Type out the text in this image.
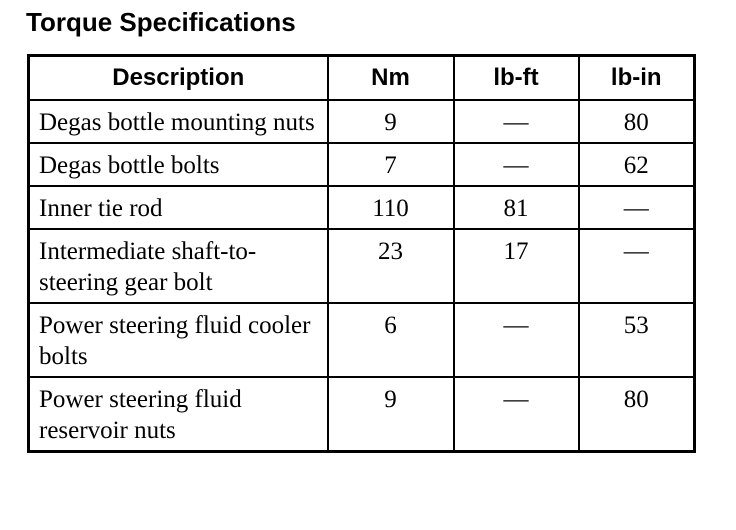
Torque Specifications
Description	Nm	lb-ft	lb-in
Degas bottle mounting nuts	9	—	80
Degas bottle bolts	7	—	62
Inner tie rod	110	81	—
Intermediate shaft-to-steering gear bolt	23	17	—
Power steering fluid cooler bolts	6	—	53
Power steering fluid reservoir nuts	9	—	80
